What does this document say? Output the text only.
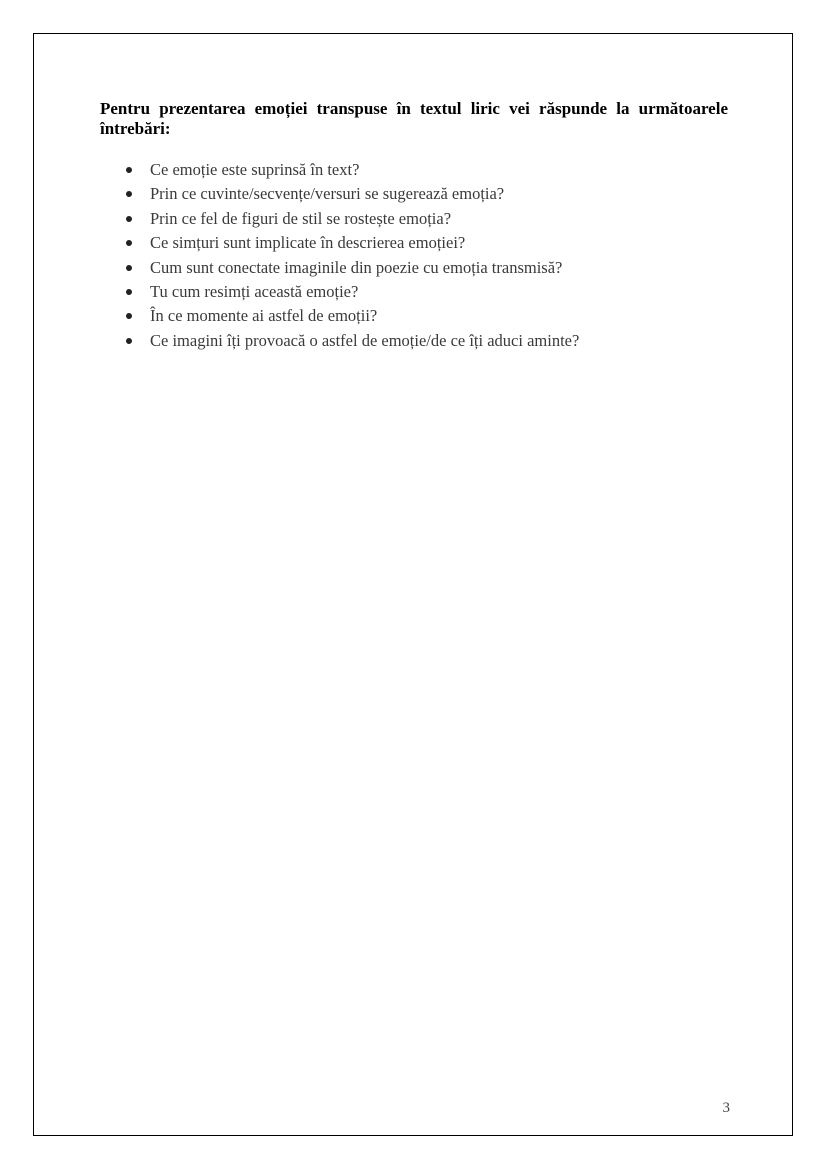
Pentru prezentarea emoției transpuse în textul liric vei răspunde la următoarele întrebări:

Ce emoție este suprinsă în text?
Prin ce cuvinte/secvențe/versuri se sugerează emoția?
Prin ce fel de figuri de stil se rostește emoția?
Ce simțuri sunt implicate în descrierea emoției?
Cum sunt conectate imaginile din poezie cu emoția transmisă?
Tu cum resimți această emoție?
În ce momente ai astfel de emoții?
Ce imagini îți provoacă o astfel de emoție/de ce îți aduci aminte?
3
